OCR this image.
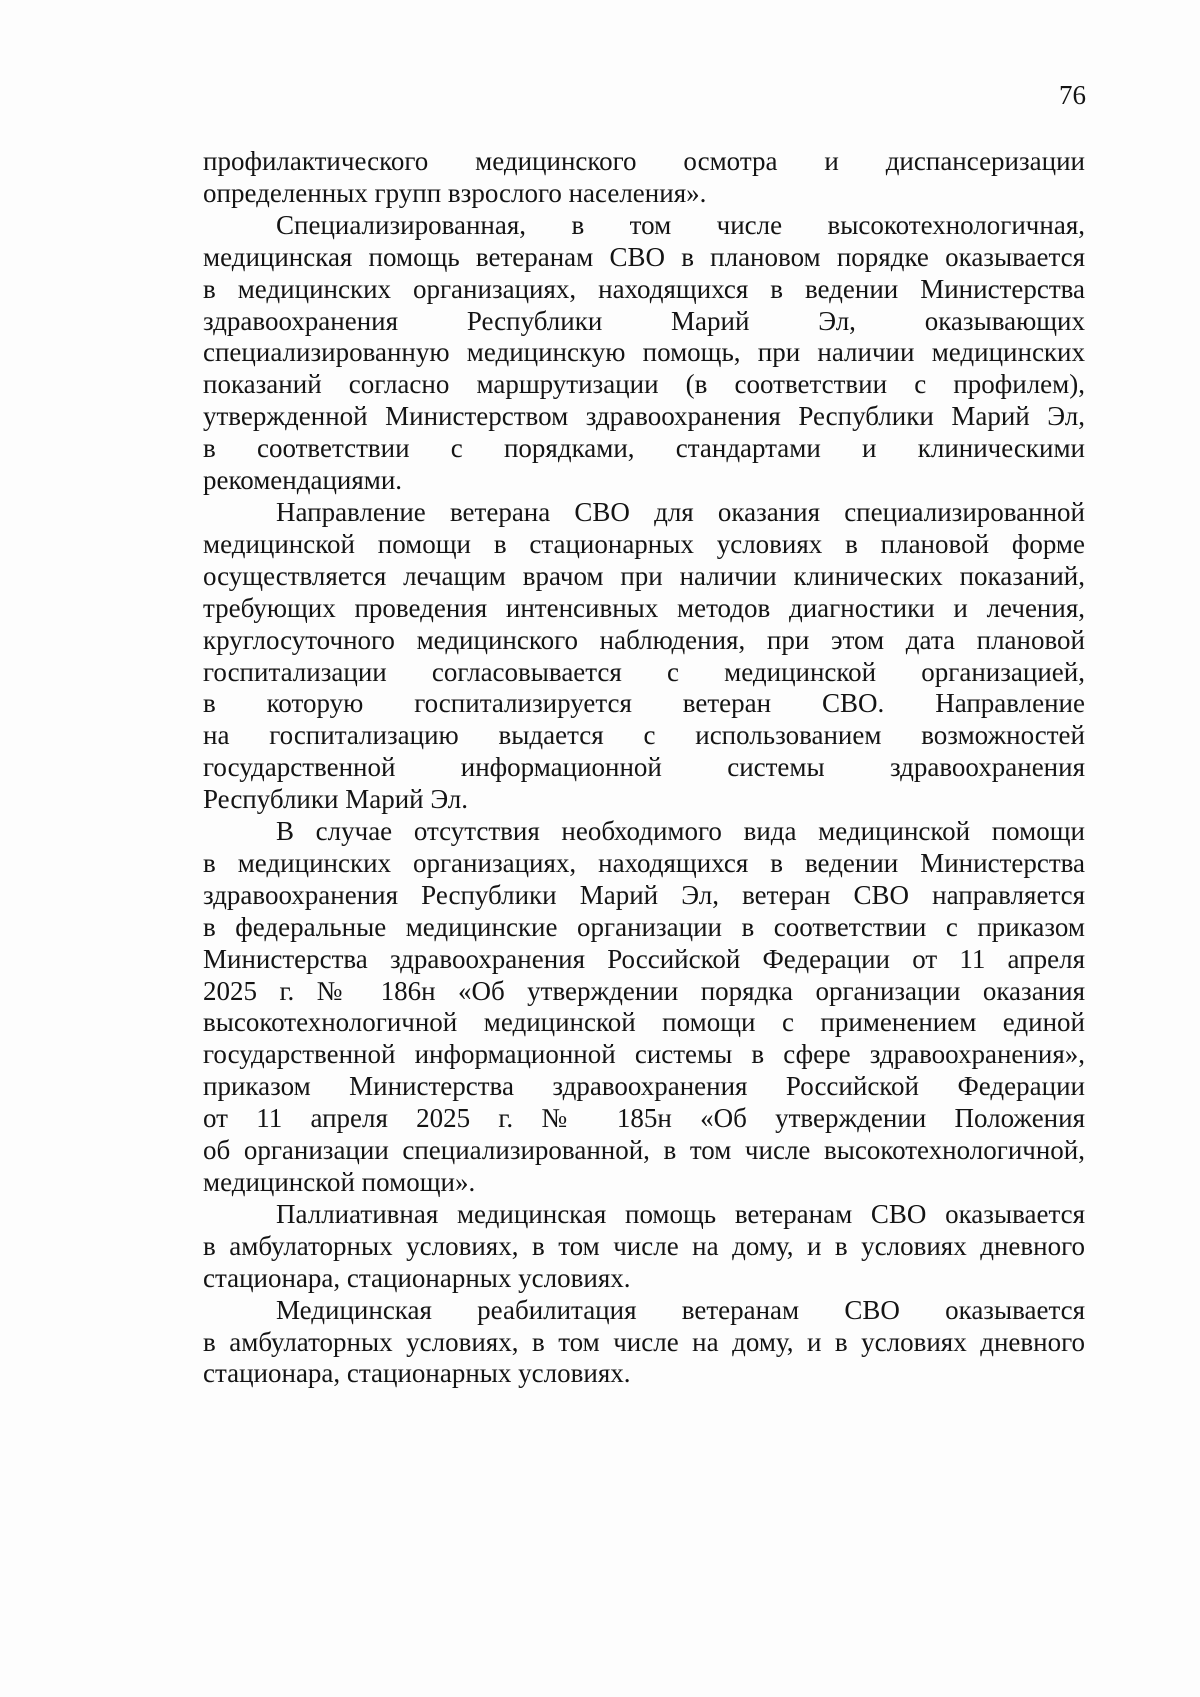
76

профилактического медицинского осмотра и диспансеризации
определенных групп взрослого населения».

Специализированная, в том числе высокотехнологичная,
медицинская помощь ветеранам СВО в плановом порядке оказывается
в медицинских организациях, находящихся в ведении Министерства
здравоохранения Республики Марий Эл, оказывающих
специализированную медицинскую помощь, при наличии медицинских
показаний согласно маршрутизации (в соответствии с профилем),
утвержденной Министерством здравоохранения Республики Марий Эл,
в соответствии с порядками, стандартами и клиническими
рекомендациями.

Направление ветерана СВО для оказания специализированной
медицинской помощи в стационарных условиях в плановой форме
осуществляется лечащим врачом при наличии клинических показаний,
требующих проведения интенсивных методов диагностики и лечения,
круглосуточного медицинского наблюдения, при этом дата плановой
госпитализации согласовывается с медицинской организацией,
в которую госпитализируется ветеран СВО. Направление
на госпитализацию выдается с использованием возможностей
государственной информационной системы здравоохранения
Республики Марий Эл.

В случае отсутствия необходимого вида медицинской помощи
в медицинских организациях, находящихся в ведении Министерства
здравоохранения Республики Марий Эл, ветеран СВО направляется
в федеральные медицинские организации в соответствии с приказом
Министерства здравоохранения Российской Федерации от 11 апреля
2025 г. № 186н «Об утверждении порядка организации оказания
высокотехнологичной медицинской помощи с применением единой
государственной информационной системы в сфере здравоохранения»,
приказом Министерства здравоохранения Российской Федерации
от 11 апреля 2025 г. № 185н «Об утверждении Положения
об организации специализированной, в том числе высокотехнологичной,
медицинской помощи».

Паллиативная медицинская помощь ветеранам СВО оказывается
в амбулаторных условиях, в том числе на дому, и в условиях дневного
стационара, стационарных условиях.

Медицинская реабилитация ветеранам СВО оказывается
в амбулаторных условиях, в том числе на дому, и в условиях дневного
стационара, стационарных условиях.
